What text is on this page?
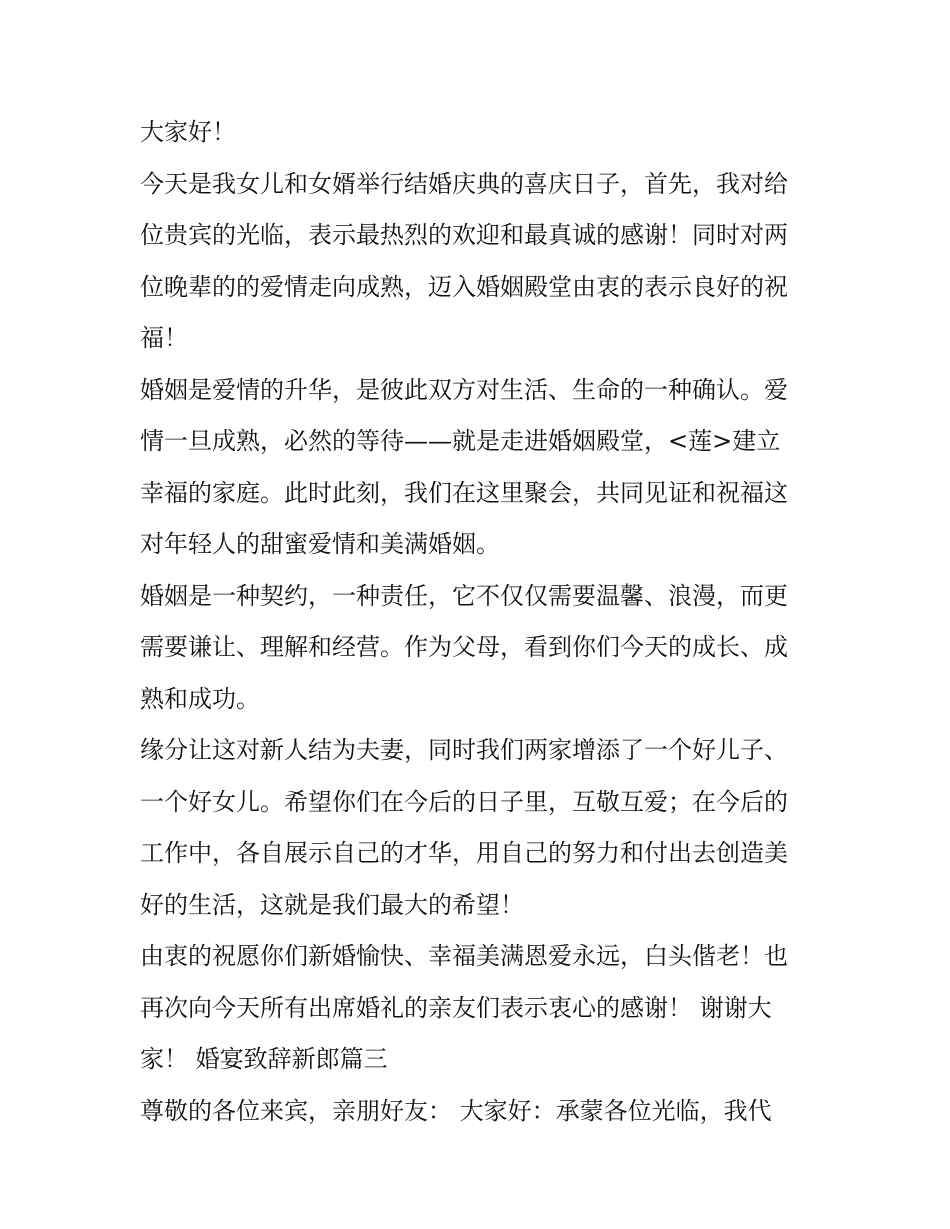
大家好！
今天是我女儿和女婿举行结婚庆典的喜庆日子，首先，我对给
位贵宾的光临，表示最热烈的欢迎和最真诚的感谢！同时对两
位晚辈的的爱情走向成熟，迈入婚姻殿堂由衷的表示良好的祝
福！
婚姻是爱情的升华，是彼此双方对生活、生命的一种确认。爱
情一旦成熟，必然的等待——就是走进婚姻殿堂，<莲>建立
幸福的家庭。此时此刻，我们在这里聚会，共同见证和祝福这
对年轻人的甜蜜爱情和美满婚姻。
婚姻是一种契约，一种责任，它不仅仅需要温馨、浪漫，而更
需要谦让、理解和经营。作为父母，看到你们今天的成长、成
熟和成功。
缘分让这对新人结为夫妻，同时我们两家增添了一个好儿子、
一个好女儿。希望你们在今后的日子里，互敬互爱；在今后的
工作中，各自展示自己的才华，用自己的努力和付出去创造美
好的生活，这就是我们最大的希望！
由衷的祝愿你们新婚愉快、幸福美满恩爱永远，白头偕老！也
再次向今天所有出席婚礼的亲友们表示衷心的感谢！ 谢谢大
家！ 婚宴致辞新郎篇三
尊敬的各位来宾，亲朋好友： 大家好：承蒙各位光临，我代
